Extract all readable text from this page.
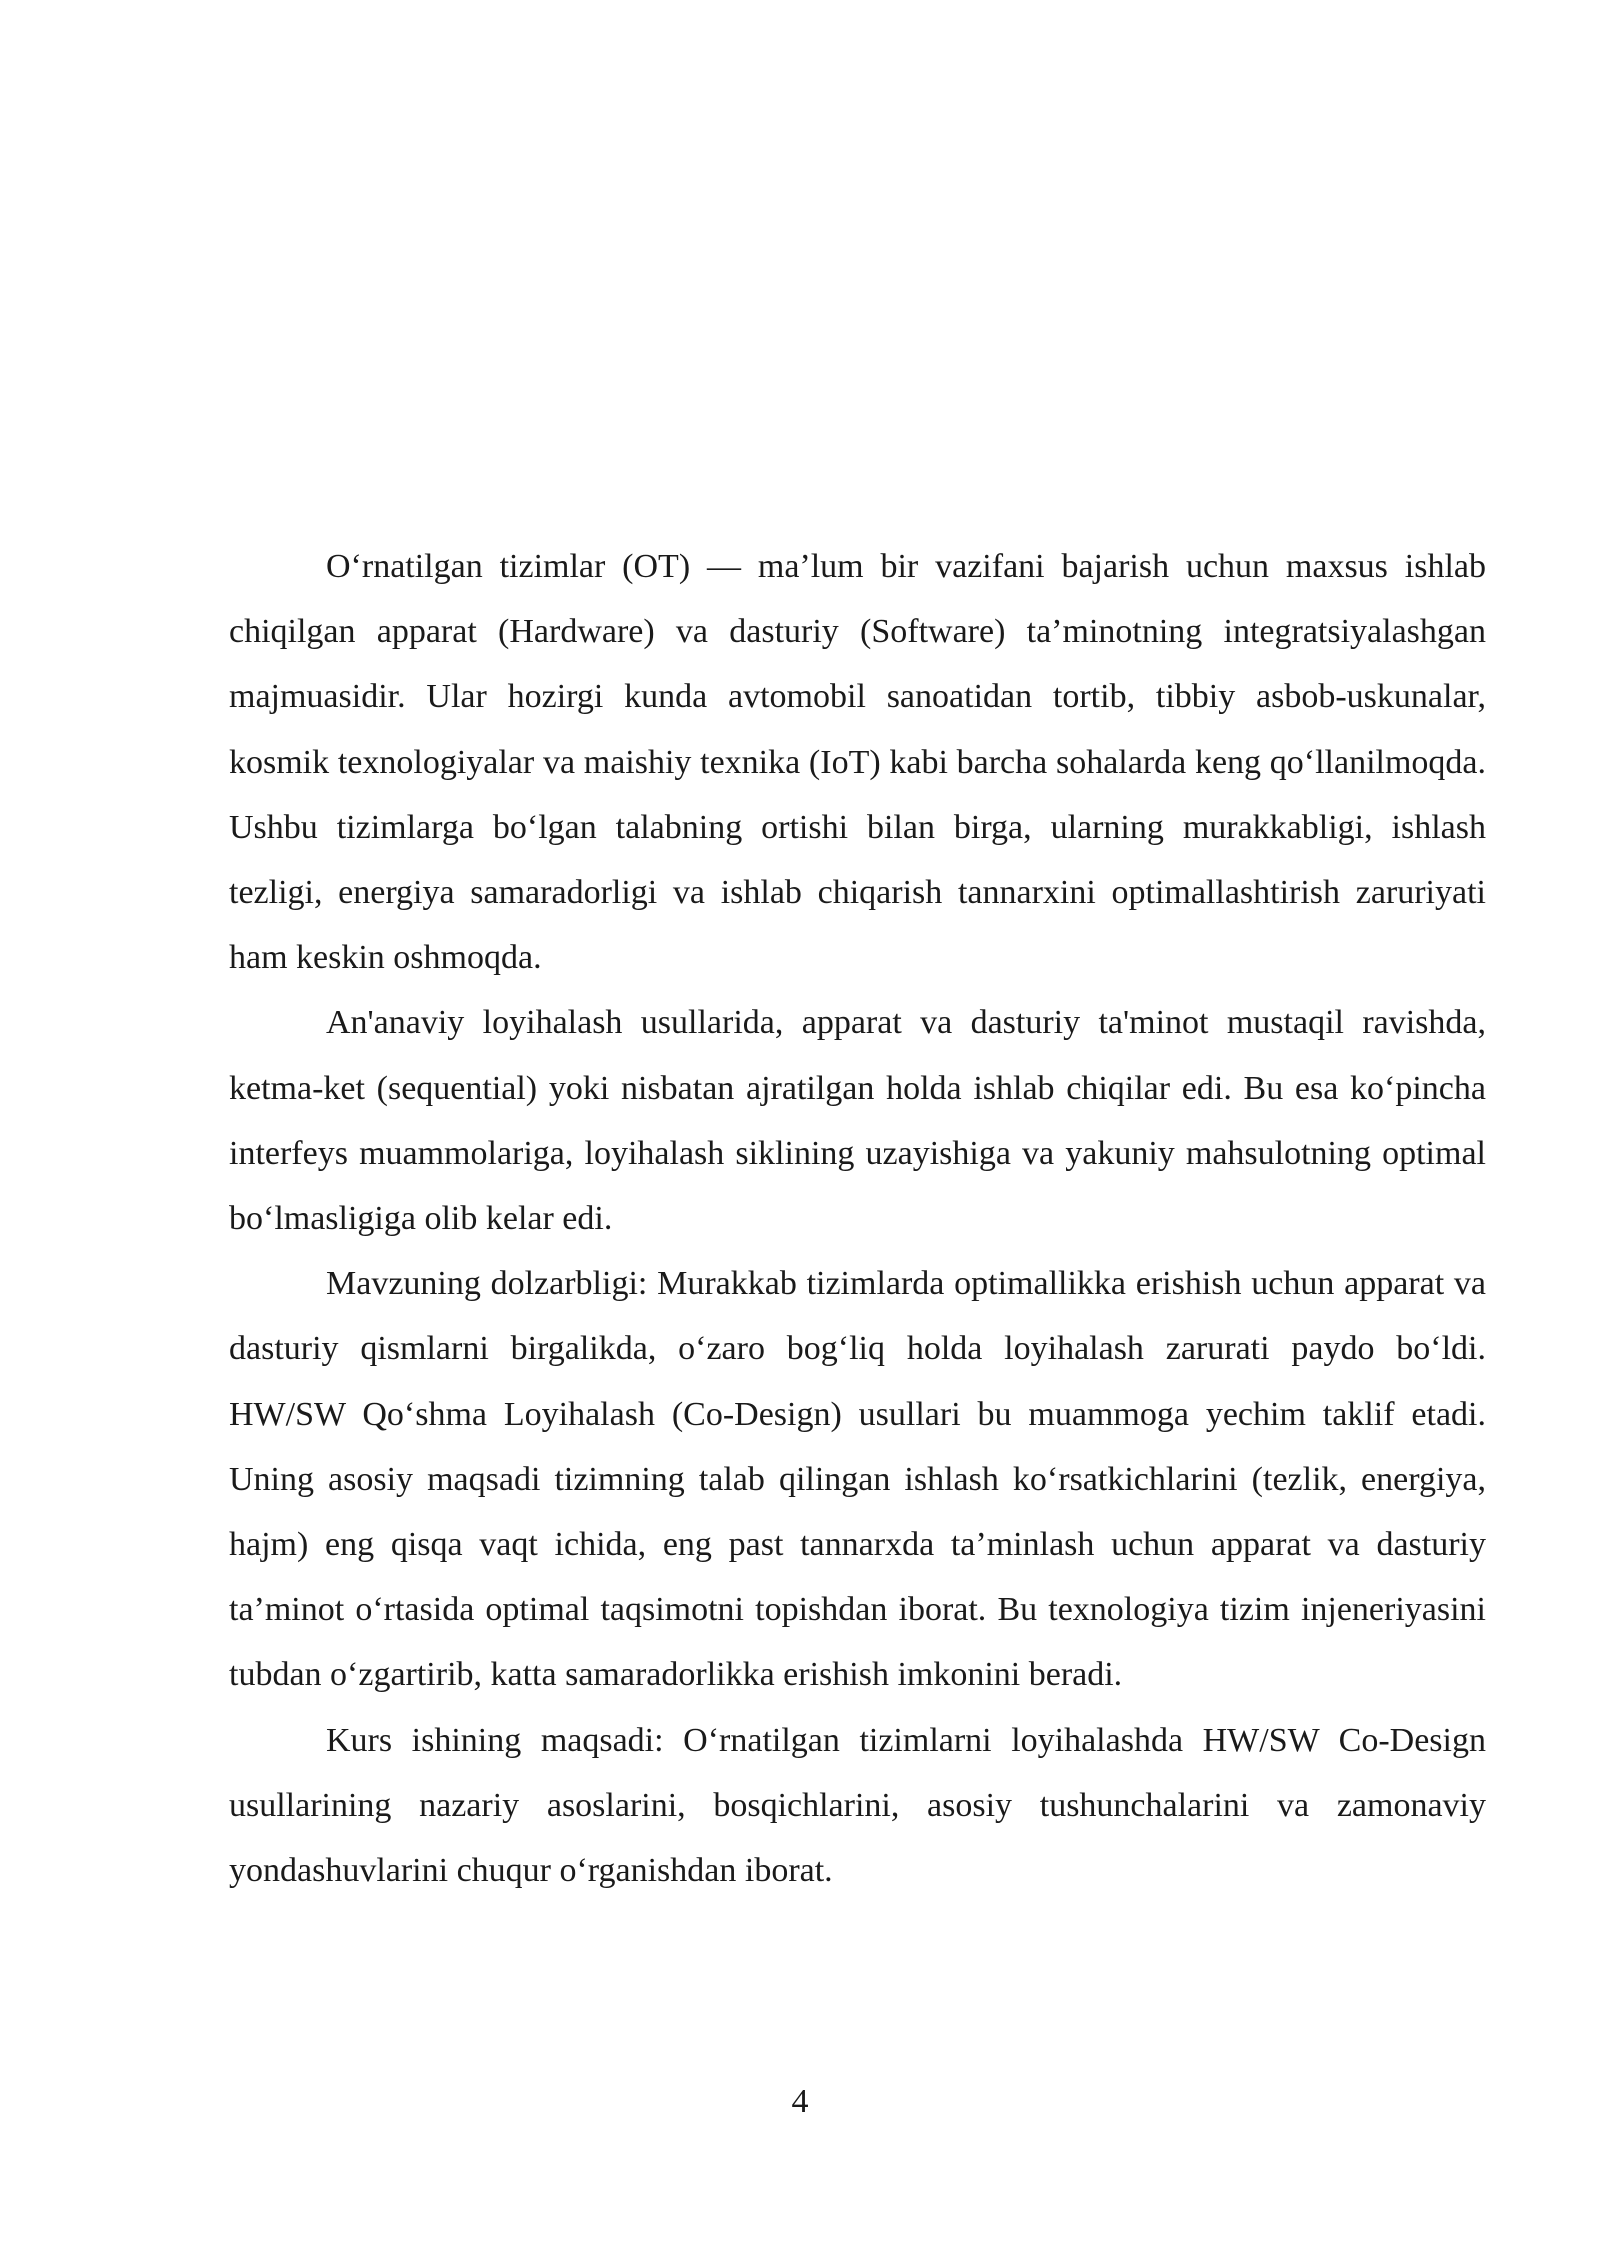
O‘rnatilgan tizimlar (OT) — ma’lum bir vazifani bajarish uchun maxsus ishlab chiqilgan apparat (Hardware) va dasturiy (Software) ta’minotning integratsiyalashgan majmuasidir. Ular hozirgi kunda avtomobil sanoatidan tortib, tibbiy asbob-uskunalar, kosmik texnologiyalar va maishiy texnika (IoT) kabi barcha sohalarda keng qo‘llanilmoqda. Ushbu tizimlarga bo‘lgan talabning ortishi bilan birga, ularning murakkabligi, ishlash tezligi, energiya samaradorligi va ishlab chiqarish tannarxini optimallashtirish zaruriyati ham keskin oshmoqda.

An'anaviy loyihalash usullarida, apparat va dasturiy ta'minot mustaqil ravishda, ketma-ket (sequential) yoki nisbatan ajratilgan holda ishlab chiqilar edi. Bu esa ko‘pincha interfeys muammolariga, loyihalash siklining uzayishiga va yakuniy mahsulotning optimal bo‘lmasligiga olib kelar edi.

Mavzuning dolzarbligi: Murakkab tizimlarda optimallikka erishish uchun apparat va dasturiy qismlarni birgalikda, o‘zaro bog‘liq holda loyihalash zarurati paydo bo‘ldi. HW/SW Qo‘shma Loyihalash (Co-Design) usullari bu muammoga yechim taklif etadi. Uning asosiy maqsadi tizimning talab qilingan ishlash ko‘rsatkichlarini (tezlik, energiya, hajm) eng qisqa vaqt ichida, eng past tannarxda ta’minlash uchun apparat va dasturiy ta’minot o‘rtasida optimal taqsimotni topishdan iborat. Bu texnologiya tizim injeneriyasini tubdan o‘zgartirib, katta samaradorlikka erishish imkonini beradi.

Kurs ishining maqsadi: O‘rnatilgan tizimlarni loyihalashda HW/SW Co-Design usullarining nazariy asoslarini, bosqichlarini, asosiy tushunchalarini va zamonaviy yondashuvlarini chuqur o‘rganishdan iborat.

4
